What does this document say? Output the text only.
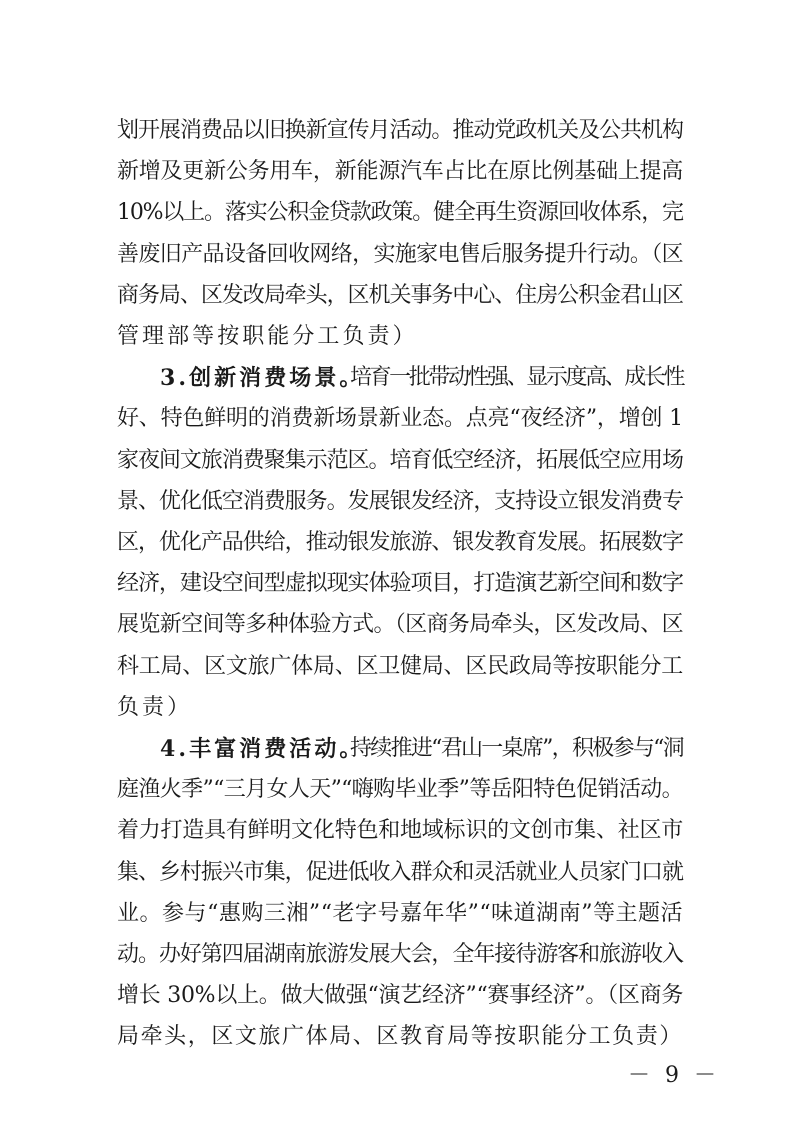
划开展消费品以旧换新宣传月活动。推动党政机关及公共机构
新增及更新公务用车，新能源汽车占比在原比例基础上提高
10%以上。落实公积金贷款政策。健全再生资源回收体系，完
善废旧产品设备回收网络，实施家电售后服务提升行动。（区
商务局、区发改局牵头，区机关事务中心、住房公积金君山区
管理部等按职能分工负责）
3.创新消费场景。
培育一批带动性强、显示度高、成长性
好、特色鲜明的消费新场景新业态。点亮“夜经济”，增创 1
家夜间文旅消费聚集示范区。培育低空经济，拓展低空应用场
景、优化低空消费服务。发展银发经济，支持设立银发消费专
区，优化产品供给，推动银发旅游、银发教育发展。拓展数字
经济，建设空间型虚拟现实体验项目，打造演艺新空间和数字
展览新空间等多种体验方式。（区商务局牵头，区发改局、区
科工局、区文旅广体局、区卫健局、区民政局等按职能分工
负责）
4.丰富消费活动。
持续推进“君山一桌席”，积极参与“洞
庭渔火季”“三月女人天”“嗨购毕业季”等岳阳特色促销活动。
着力打造具有鲜明文化特色和地域标识的文创市集、社区市
集、乡村振兴市集，促进低收入群众和灵活就业人员家门口就
业。参与“惠购三湘”“老字号嘉年华”“味道湖南”等主题活
动。办好第四届湖南旅游发展大会，全年接待游客和旅游收入
增长 30%以上。做大做强“演艺经济”“赛事经济”。（区商务
局牵头，区文旅广体局、区教育局等按职能分工负责）
－ 9 －
